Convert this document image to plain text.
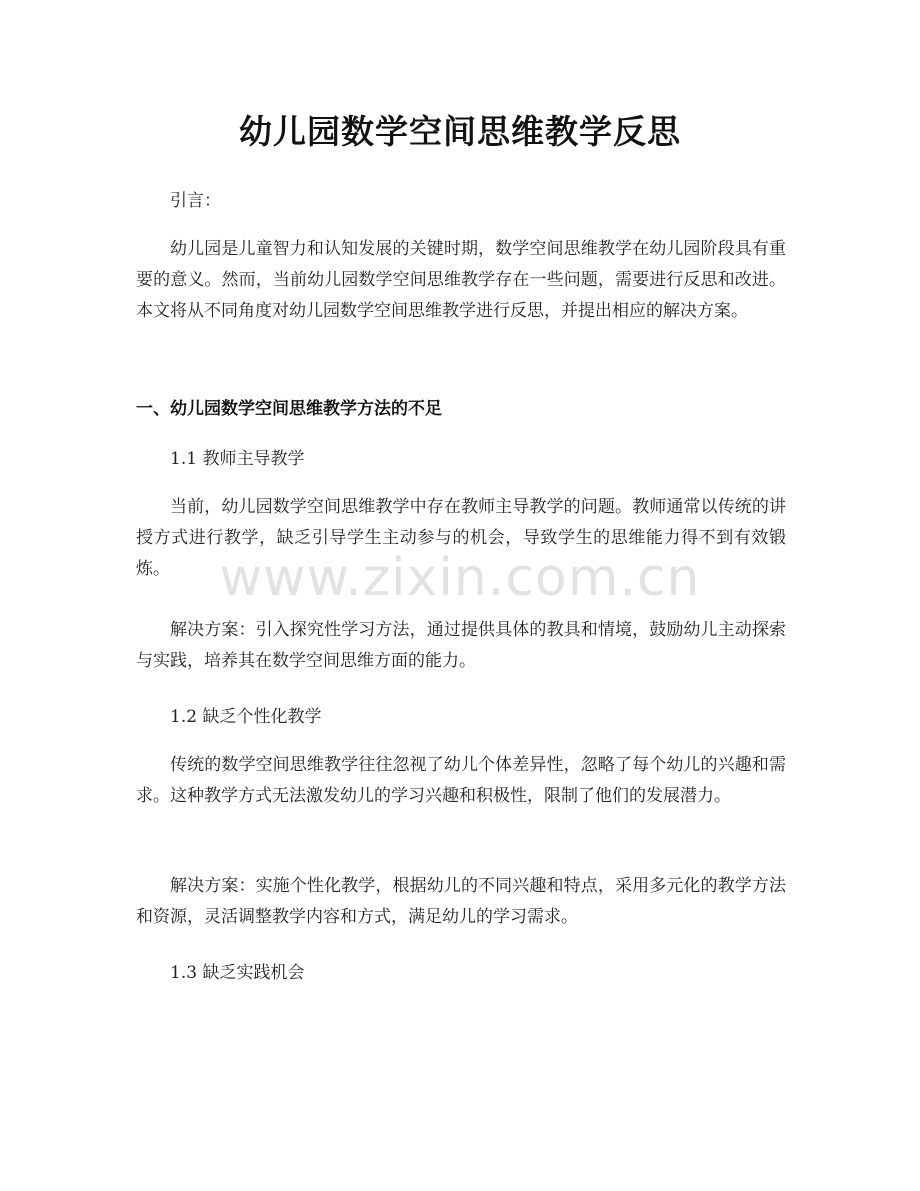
幼儿园数学空间思维教学反思
引言：
幼儿园是儿童智力和认知发展的关键时期，数学空间思维教学在幼儿园阶段具有重要的意义。然而，当前幼儿园数学空间思维教学存在一些问题，需要进行反思和改进。本文将从不同角度对幼儿园数学空间思维教学进行反思，并提出相应的解决方案。
一、幼儿园数学空间思维教学方法的不足
1.1 教师主导教学
当前，幼儿园数学空间思维教学中存在教师主导教学的问题。教师通常以传统的讲授方式进行教学，缺乏引导学生主动参与的机会，导致学生的思维能力得不到有效锻炼。
解决方案：引入探究性学习方法，通过提供具体的教具和情境，鼓励幼儿主动探索与实践，培养其在数学空间思维方面的能力。
1.2 缺乏个性化教学
传统的数学空间思维教学往往忽视了幼儿个体差异性，忽略了每个幼儿的兴趣和需求。这种教学方式无法激发幼儿的学习兴趣和积极性，限制了他们的发展潜力。
解决方案：实施个性化教学，根据幼儿的不同兴趣和特点，采用多元化的教学方法和资源，灵活调整教学内容和方式，满足幼儿的学习需求。
1.3 缺乏实践机会
www.zixin.com.cn
